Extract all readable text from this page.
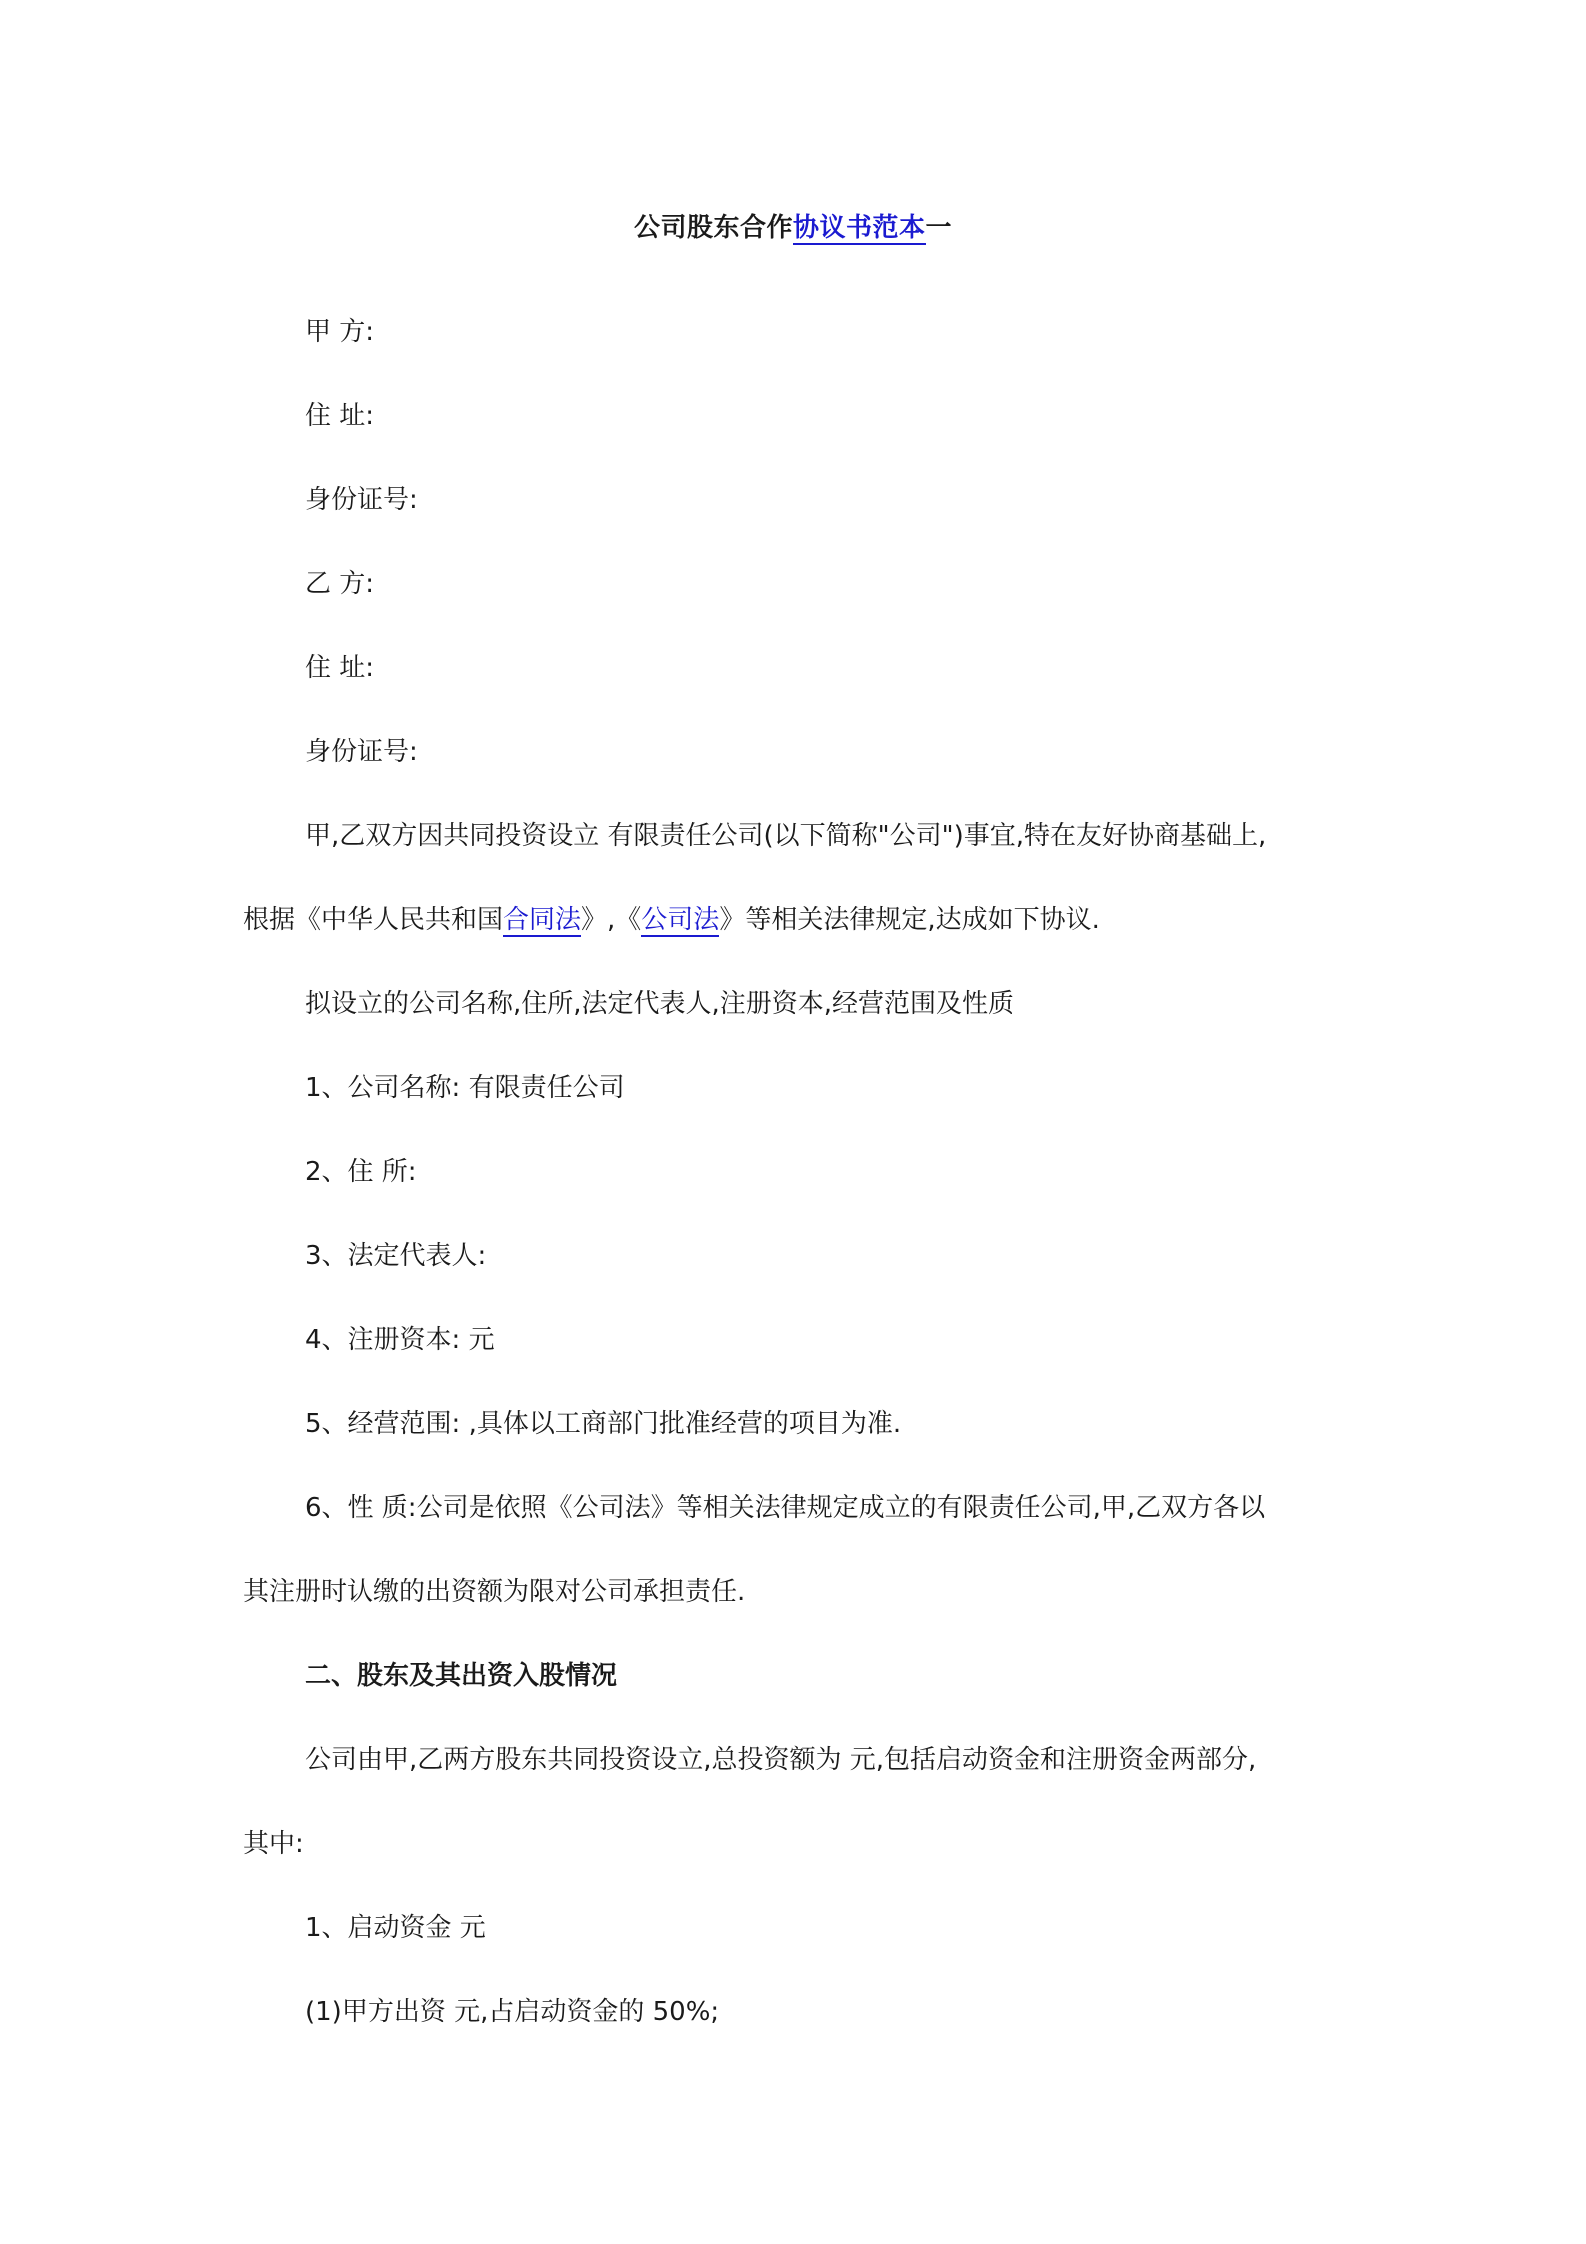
公司股东合作协议书范本一

甲 方:

住 址:

身份证号:

乙 方:

住 址:

身份证号:

甲,乙双方因共同投资设立 有限责任公司(以下简称"公司")事宜,特在友好协商基础上,

根据《中华人民共和国合同法》,《公司法》等相关法律规定,达成如下协议.

拟设立的公司名称,住所,法定代表人,注册资本,经营范围及性质

1、公司名称: 有限责任公司

2、住 所:

3、法定代表人:

4、注册资本: 元

5、经营范围: ,具体以工商部门批准经营的项目为准.

6、性 质:公司是依照《公司法》等相关法律规定成立的有限责任公司,甲,乙双方各以

其注册时认缴的出资额为限对公司承担责任.

二、股东及其出资入股情况

公司由甲,乙两方股东共同投资设立,总投资额为 元,包括启动资金和注册资金两部分,

其中:

1、启动资金 元

(1)甲方出资 元,占启动资金的 50%;
